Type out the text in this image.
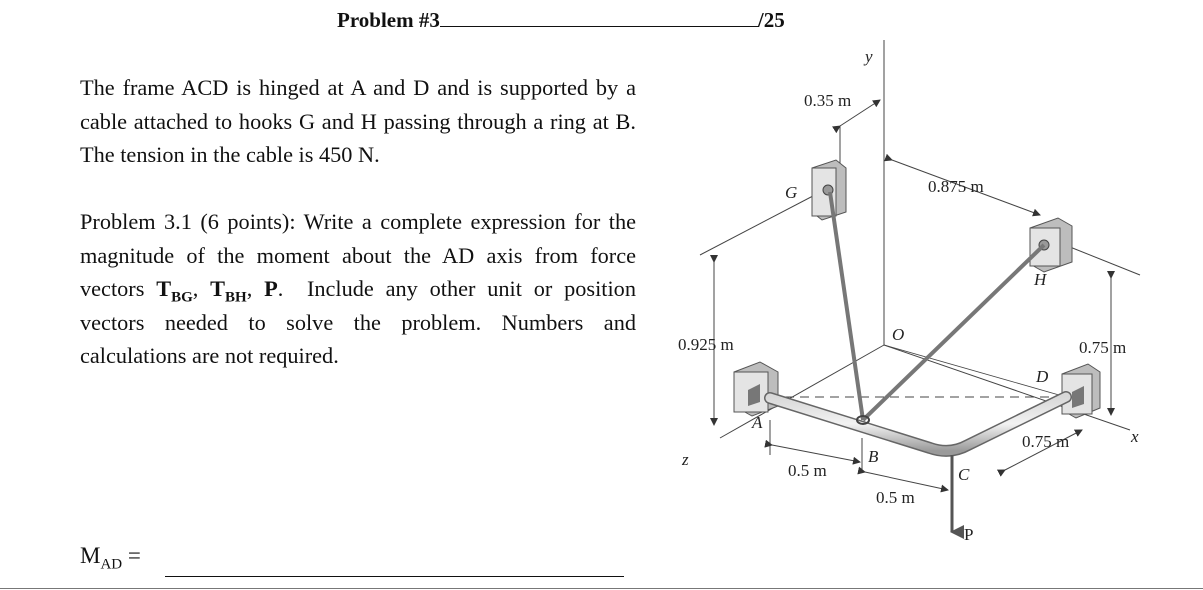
Problem #3	/25

The frame ACD is hinged at A and D and is supported by a cable attached to hooks G and H passing through a ring at B. The tension in the cable is 450 N.

Problem 3.1 (6 points): Write a complete expression for the magnitude of the moment about the AD axis from force vectors $T_{BG}$, $T_{BH}$, P.  Include any other unit or position vectors needed to solve the problem. Numbers and calculations are not required.

$M_{AD}$ =
y
x
z
G
H
O
A
B
C
D
P
0.35 m
0.875 m
0.925 m	0.75 m
0.75 m
0.5 m
0.5 m
